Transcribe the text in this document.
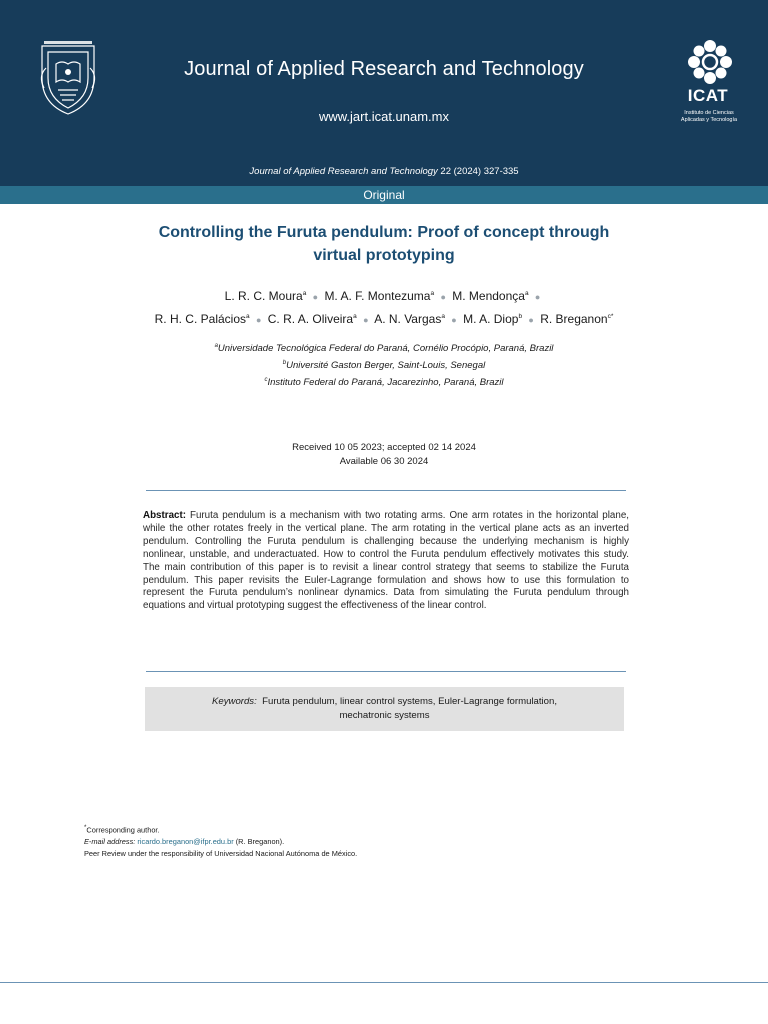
Journal of Applied Research and Technology
www.jart.icat.unam.mx
ICAT
Instituto de Ciencias
Aplicadas y Tecnología
Journal of Applied Research and Technology 22 (2024) 327-335
Original
Controlling the Furuta pendulum: Proof of concept through
virtual prototyping
L. R. C. Moura$^a$ ● M. A. F. Montezuma$^a$ ● M. Mendonça$^a$ ●
R. H. C. Palácios$^a$ ● C. R. A. Oliveira$^a$ ● A. N. Vargas$^a$ ● M. A. Diop$^b$ ● R. Breganon$^{c*}$
$^a$Universidade Tecnológica Federal do Paraná, Cornélio Procópio, Paraná, Brazil
$^b$Université Gaston Berger, Saint-Louis, Senegal
$^c$Instituto Federal do Paraná, Jacarezinho, Paraná, Brazil
Received 10 05 2023; accepted 02 14 2024
Available 06 30 2024
Abstract: Furuta pendulum is a mechanism with two rotating arms. One arm rotates in the horizontal plane, while the other rotates freely in the vertical plane. The arm rotating in the vertical plane acts as an inverted pendulum. Controlling the Furuta pendulum is challenging because the underlying mechanism is highly nonlinear, unstable, and underactuated. How to control the Furuta pendulum effectively motivates this study. The main contribution of this paper is to revisit a linear control strategy that seems to stabilize the Furuta pendulum. This paper revisits the Euler-Lagrange formulation and shows how to use this formulation to represent the Furuta pendulum’s nonlinear dynamics. Data from simulating the Furuta pendulum through equations and virtual prototyping suggest the effectiveness of the linear control.
Keywords: Furuta pendulum, linear control systems, Euler-Lagrange formulation,
mechatronic systems
*Corresponding author.
E-mail address: ricardo.breganon@ifpr.edu.br (R. Breganon).
Peer Review under the responsibility of Universidad Nacional Autónoma de México.
